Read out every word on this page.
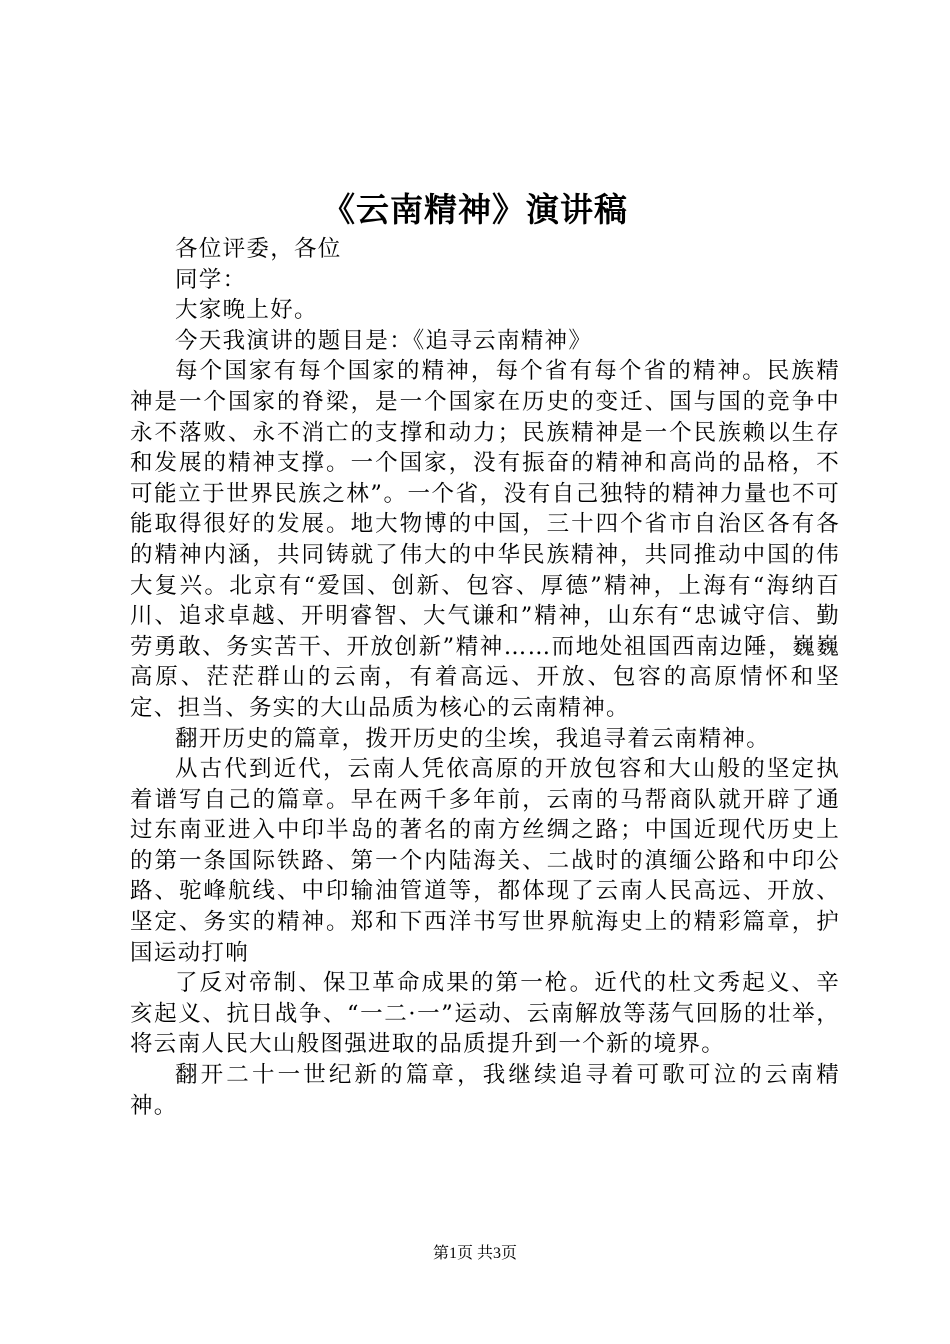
《云南精神》演讲稿

各位评委，各位

同学：

大家晚上好。

今天我演讲的题目是：《追寻云南精神》

每个国家有每个国家的精神，每个省有每个省的精神。民族精神是一个国家的脊梁，是一个国家在历史的变迁、国与国的竞争中永不落败、永不消亡的支撑和动力；民族精神是一个民族赖以生存和发展的精神支撑。一个国家，没有振奋的精神和高尚的品格，不可能立于世界民族之林”。一个省，没有自己独特的精神力量也不可能取得很好的发展。地大物博的中国，三十四个省市自治区各有各的精神内涵，共同铸就了伟大的中华民族精神，共同推动中国的伟大复兴。北京有“爱国、创新、包容、厚德”精神，上海有“海纳百川、追求卓越、开明睿智、大气谦和”精神，山东有“忠诚守信、勤劳勇敢、务实苦干、开放创新”精神……而地处祖国西南边陲，巍巍高原、茫茫群山的云南，有着高远、开放、包容的高原情怀和坚定、担当、务实的大山品质为核心的云南精神。

翻开历史的篇章，拨开历史的尘埃，我追寻着云南精神。

从古代到近代，云南人凭依高原的开放包容和大山般的坚定执着谱写自己的篇章。早在两千多年前，云南的马帮商队就开辟了通过东南亚进入中印半岛的著名的南方丝绸之路；中国近现代历史上的第一条国际铁路、第一个内陆海关、二战时的滇缅公路和中印公路、驼峰航线、中印输油管道等，都体现了云南人民高远、开放、坚定、务实的精神。郑和下西洋书写世界航海史上的精彩篇章，护国运动打响

了反对帝制、保卫革命成果的第一枪。近代的杜文秀起义、辛亥起义、抗日战争、“一二·一”运动、云南解放等荡气回肠的壮举，将云南人民大山般图强进取的品质提升到一个新的境界。

翻开二十一世纪新的篇章，我继续追寻着可歌可泣的云南精神。

第1页 共3页
